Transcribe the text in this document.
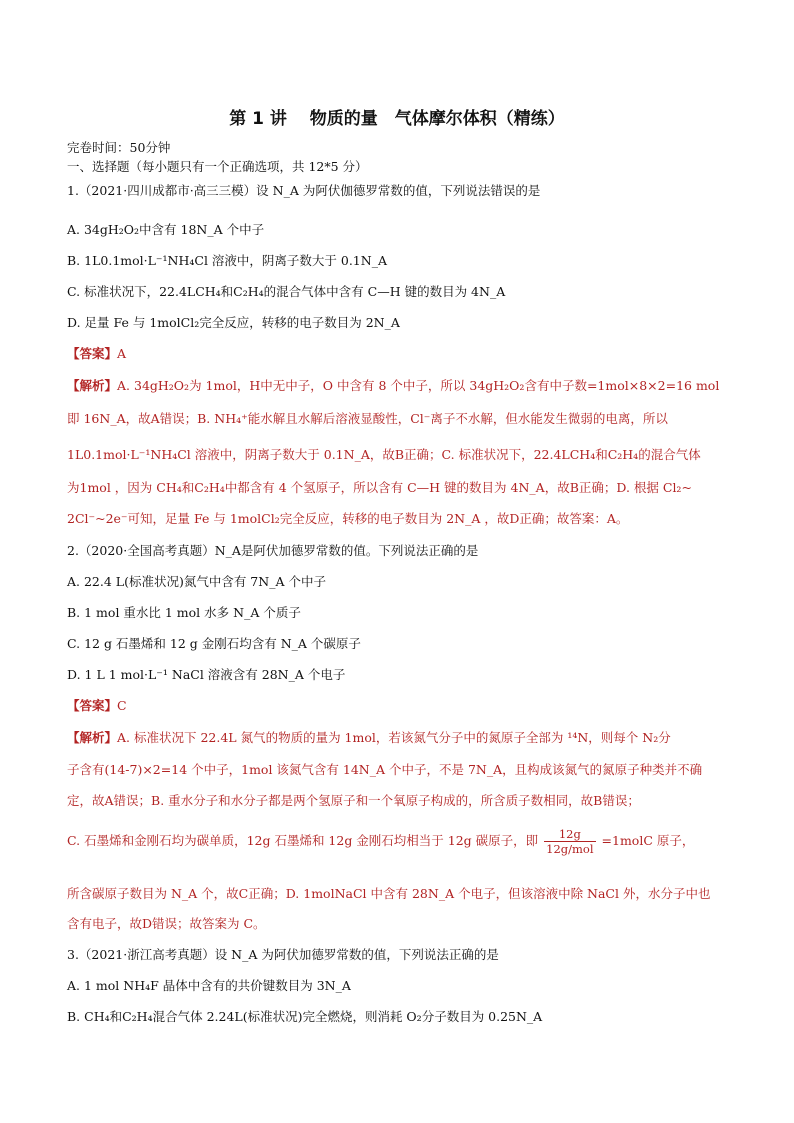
第 1 讲　 物质的量　气体摩尔体积（精练）
完卷时间：50分钟
一、选择题（每小题只有一个正确选项，共 12*5 分）
1.（2021·四川成都市·高三三模）设 N_A 为阿伏伽德罗常数的值，下列说法错误的是
A. 34gH₂O₂中含有 18N_A 个中子
B. 1L0.1mol·L⁻¹NH₄Cl 溶液中，阴离子数大于 0.1N_A
C. 标准状况下，22.4LCH₄和C₂H₄的混合气体中含有 C—H 键的数目为 4N_A
D. 足量 Fe 与 1molCl₂完全反应，转移的电子数目为 2N_A
【答案】A
【解析】A. 34gH₂O₂为 1mol，H中无中子，O 中含有 8 个中子，所以 34gH₂O₂含有中子数=1mol×8×2=16 mol
即 16N_A，故A错误；B. NH₄⁺能水解且水解后溶液显酸性，Cl⁻离子不水解，但水能发生微弱的电离，所以
1L0.1mol·L⁻¹NH₄Cl 溶液中，阴离子数大于 0.1N_A，故B正确；C. 标准状况下，22.4LCH₄和C₂H₄的混合气体
为1mol ，因为 CH₄和C₂H₄中都含有 4 个氢原子，所以含有 C—H 键的数目为 4N_A，故B正确；D. 根据 Cl₂~
2Cl⁻~2e⁻可知，足量 Fe 与 1molCl₂完全反应，转移的电子数目为 2N_A ，故D正确；故答案：A。
2.（2020·全国高考真题）N_A是阿伏加德罗常数的值。下列说法正确的是
A. 22.4 L(标准状况)氮气中含有 7N_A 个中子
B. 1 mol 重水比 1 mol 水多 N_A 个质子
C. 12 g 石墨烯和 12 g 金刚石均含有 N_A 个碳原子
D. 1 L 1 mol·L⁻¹ NaCl 溶液含有 28N_A 个电子
【答案】C
【解析】A. 标准状况下 22.4L 氮气的物质的量为 1mol，若该氮气分子中的氮原子全部为 ¹⁴N，则每个 N₂分
子含有(14-7)×2=14 个中子，1mol 该氮气含有 14N_A 个中子，不是 7N_A，且构成该氮气的氮原子种类并不确
定，故A错误；B. 重水分子和水分子都是两个氢原子和一个氧原子构成的，所含质子数相同，故B错误；
C. 石墨烯和金刚石均为碳单质，12g 石墨烯和 12g 金刚石均相当于 12g 碳原子，即 $\frac{12g}{\text{12g/mol}}$ =1molC 原子，
所含碳原子数目为 N_A 个，故C正确；D. 1molNaCl 中含有 28N_A 个电子，但该溶液中除 NaCl 外，水分子中也
含有电子，故D错误；故答案为 C。
3.（2021·浙江高考真题）设 N_A 为阿伏加德罗常数的值，下列说法正确的是
A. 1 mol NH₄F 晶体中含有的共价键数目为 3N_A
B. CH₄和C₂H₄混合气体 2.24L(标准状况)完全燃烧，则消耗 O₂分子数目为 0.25N_A
